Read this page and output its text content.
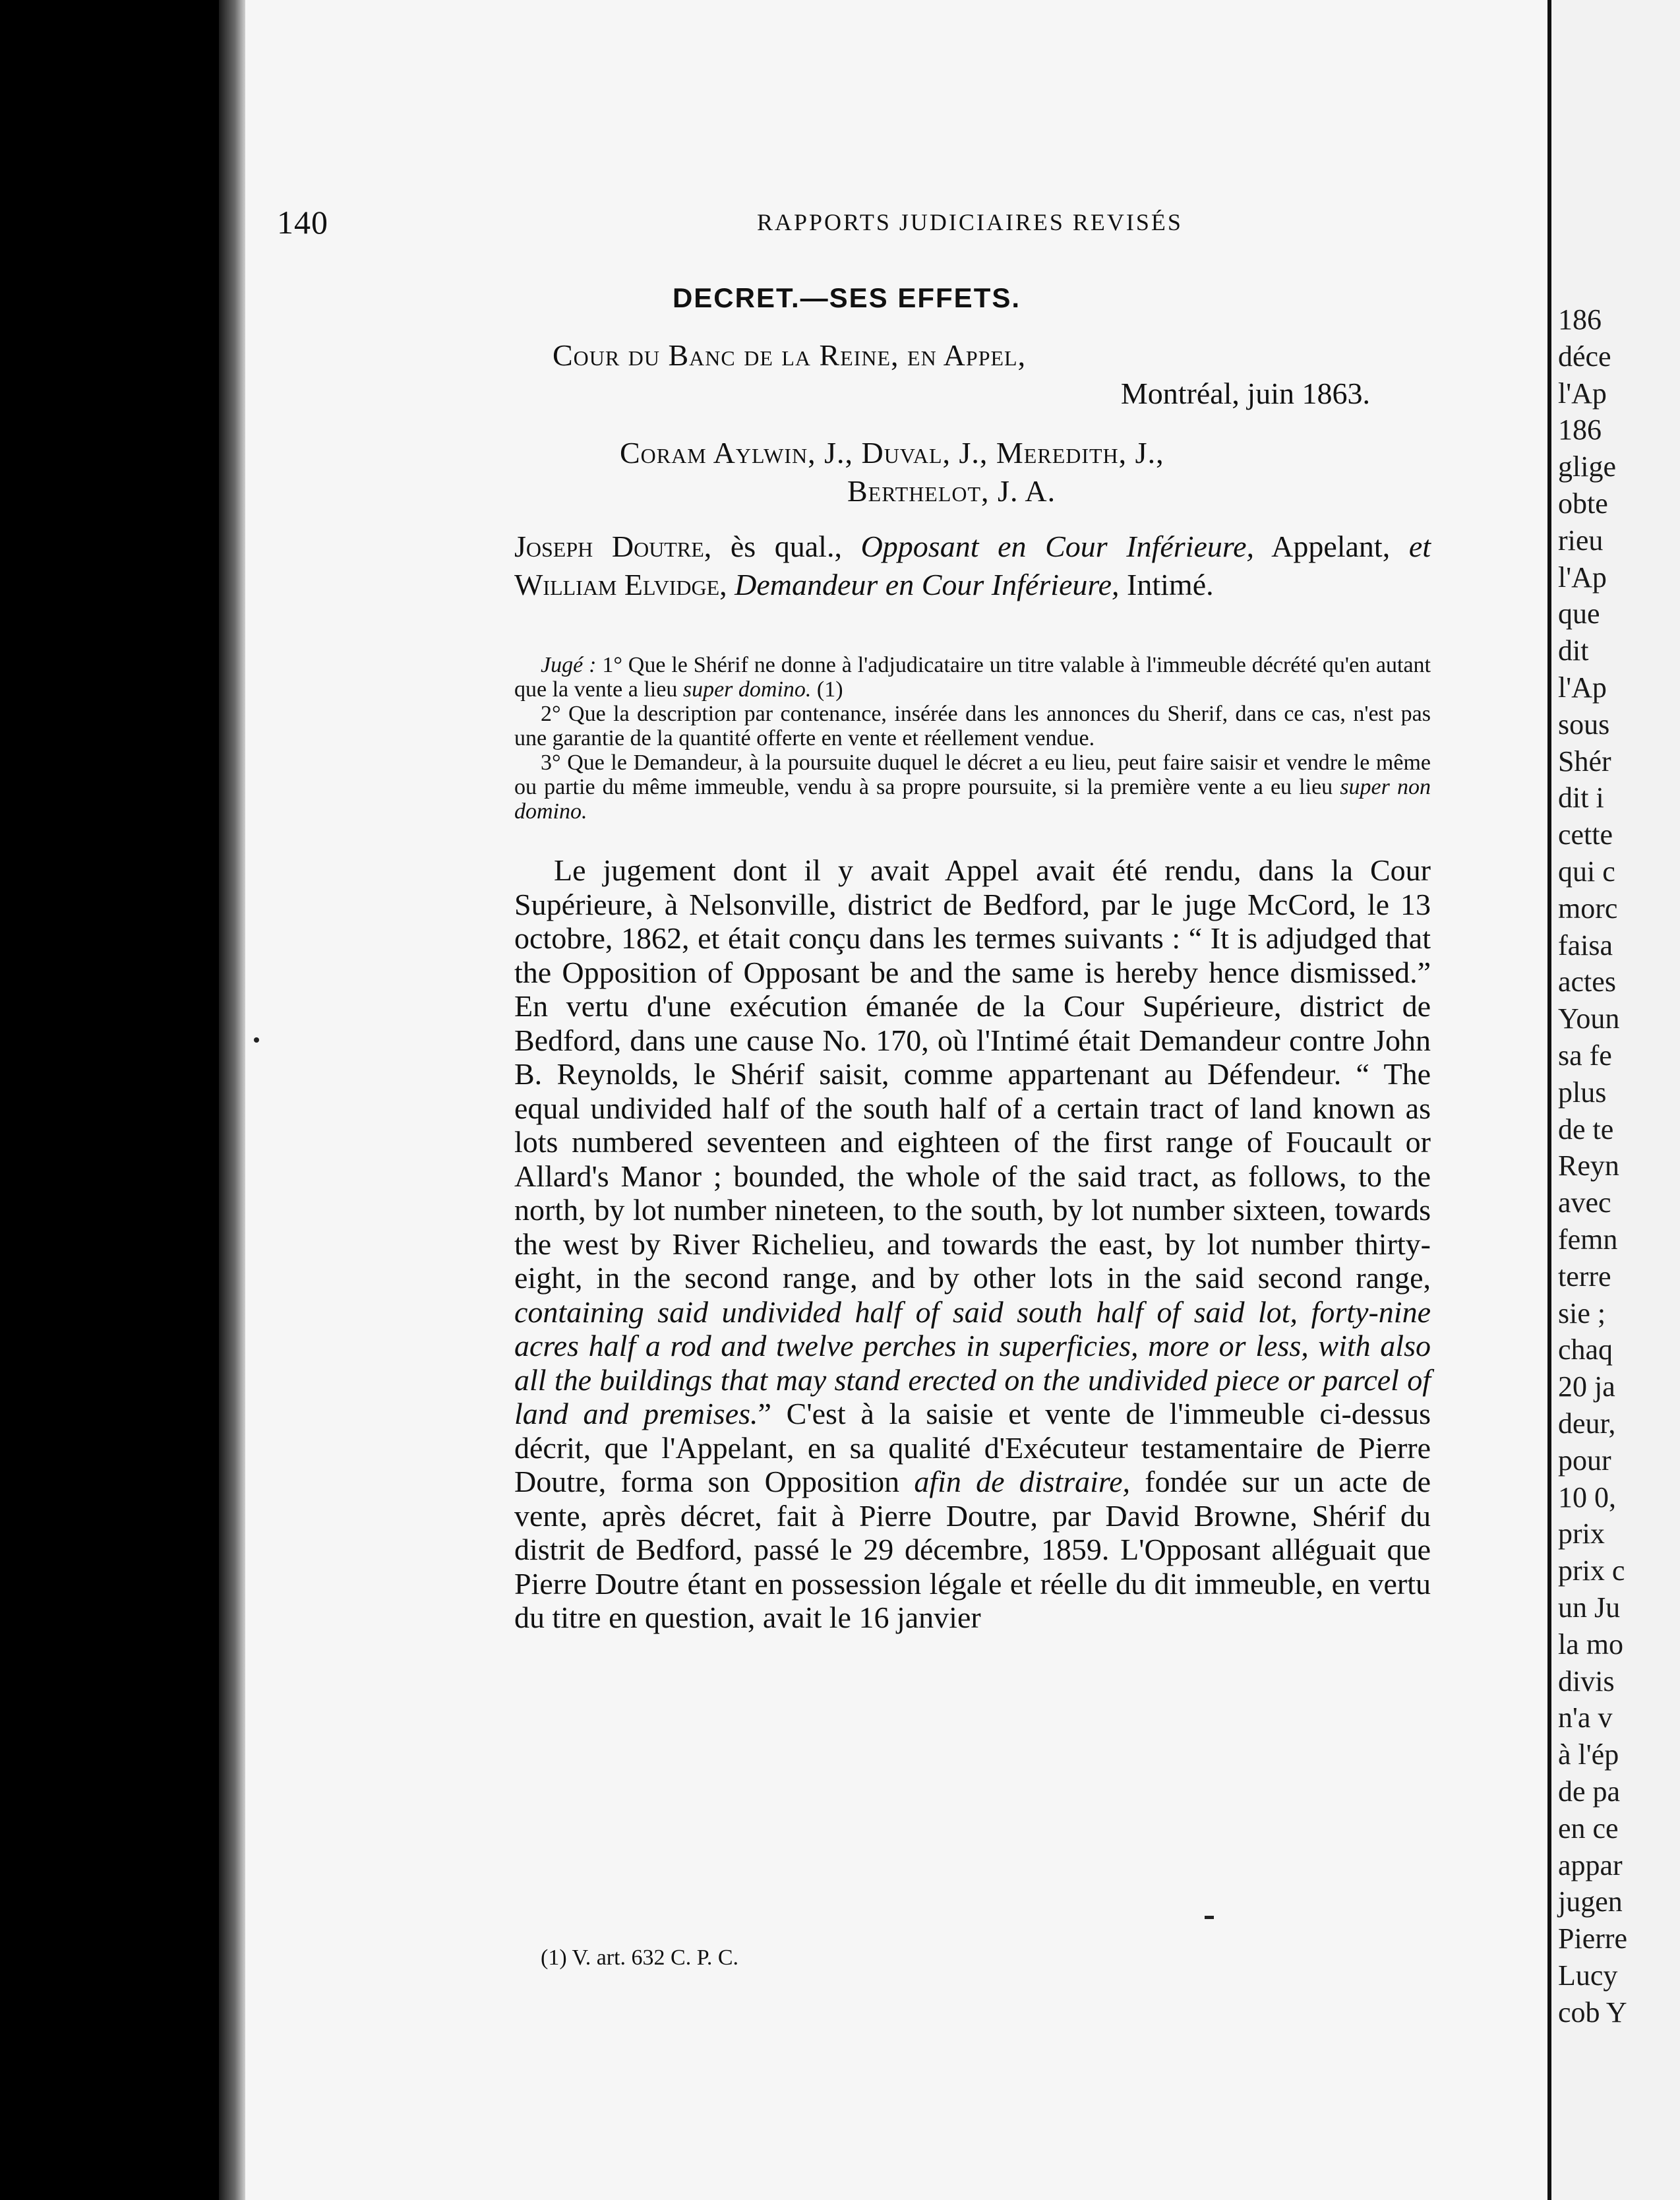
186
déce
l'Ap
186
glige
obte
rieu
l'Ap
que
dit
l'Ap
sous
Shér
dit i
cette
qui c
morc
faisa
actes
Youn
sa fe
plus
de te
Reyn
avec
femn
terre
sie ;
chaq
20 ja
deur,
pour
10 0,
prix
prix c
un Ju
la mo
divis
n'a v
à l'ép
de pa
en ce
appar
jugen
Pierre
Lucy
cob Y
140	RAPPORTS JUDICIAIRES REVISÉS
DECRET.—SES EFFETS.
Cour du Banc de la Reine, en Appel,
Montréal, juin 1863.
Coram Aylwin, J., Duval, J., Meredith, J.,
Berthelot, J. A.
Joseph Doutre, ès qual., Opposant en Cour Inférieure, Appelant, et William Elvidge, Demandeur en Cour Inférieure, Intimé.

Jugé : 1° Que le Shérif ne donne à l'adjudicataire un titre valable à l'immeuble décrété qu'en autant que la vente a lieu super domino. (1)

2° Que la description par contenance, insérée dans les annonces du Sherif, dans ce cas, n'est pas une garantie de la quantité offerte en vente et réellement vendue.

3° Que le Demandeur, à la poursuite duquel le décret a eu lieu, peut faire saisir et vendre le même ou partie du même immeuble, vendu à sa propre poursuite, si la première vente a eu lieu super non domino.

Le jugement dont il y avait Appel avait été rendu, dans la Cour Supérieure, à Nelsonville, district de Bedford, par le juge McCord, le 13 octobre, 1862, et était conçu dans les termes suivants : “ It is adjudged that the Opposition of Opposant be and the same is hereby hence dismissed.” En vertu d'une exécution émanée de la Cour Supérieure, district de Bedford, dans une cause No. 170, où l'Intimé était Demandeur contre John B. Reynolds, le Shérif saisit, comme appartenant au Défendeur. “ The equal undivided half of the south half of a certain tract of land known as lots numbered seventeen and eighteen of the first range of Foucault or Allard's Manor ; bounded, the whole of the said tract, as follows, to the north, by lot number nineteen, to the south, by lot number sixteen, towards the west by River Richelieu, and towards the east, by lot number thirty-eight, in the second range, and by other lots in the said second range, containing said undivided half of said south half of said lot, forty-nine acres half a rod and twelve perches in superficies, more or less, with also all the buildings that may stand erected on the undivided piece or parcel of land and premises.” C'est à la saisie et vente de l'immeuble ci-dessus décrit, que l'Appelant, en sa qualité d'Exécuteur testamentaire de Pierre Doutre, forma son Opposition afin de distraire, fondée sur un acte de vente, après décret, fait à Pierre Doutre, par David Browne, Shérif du distrit de Bedford, passé le 29 décembre, 1859. L'Opposant alléguait que Pierre Doutre étant en possession légale et réelle du dit immeuble, en vertu du titre en question, avait le 16 janvier

(1) V. art. 632 C. P. C.
